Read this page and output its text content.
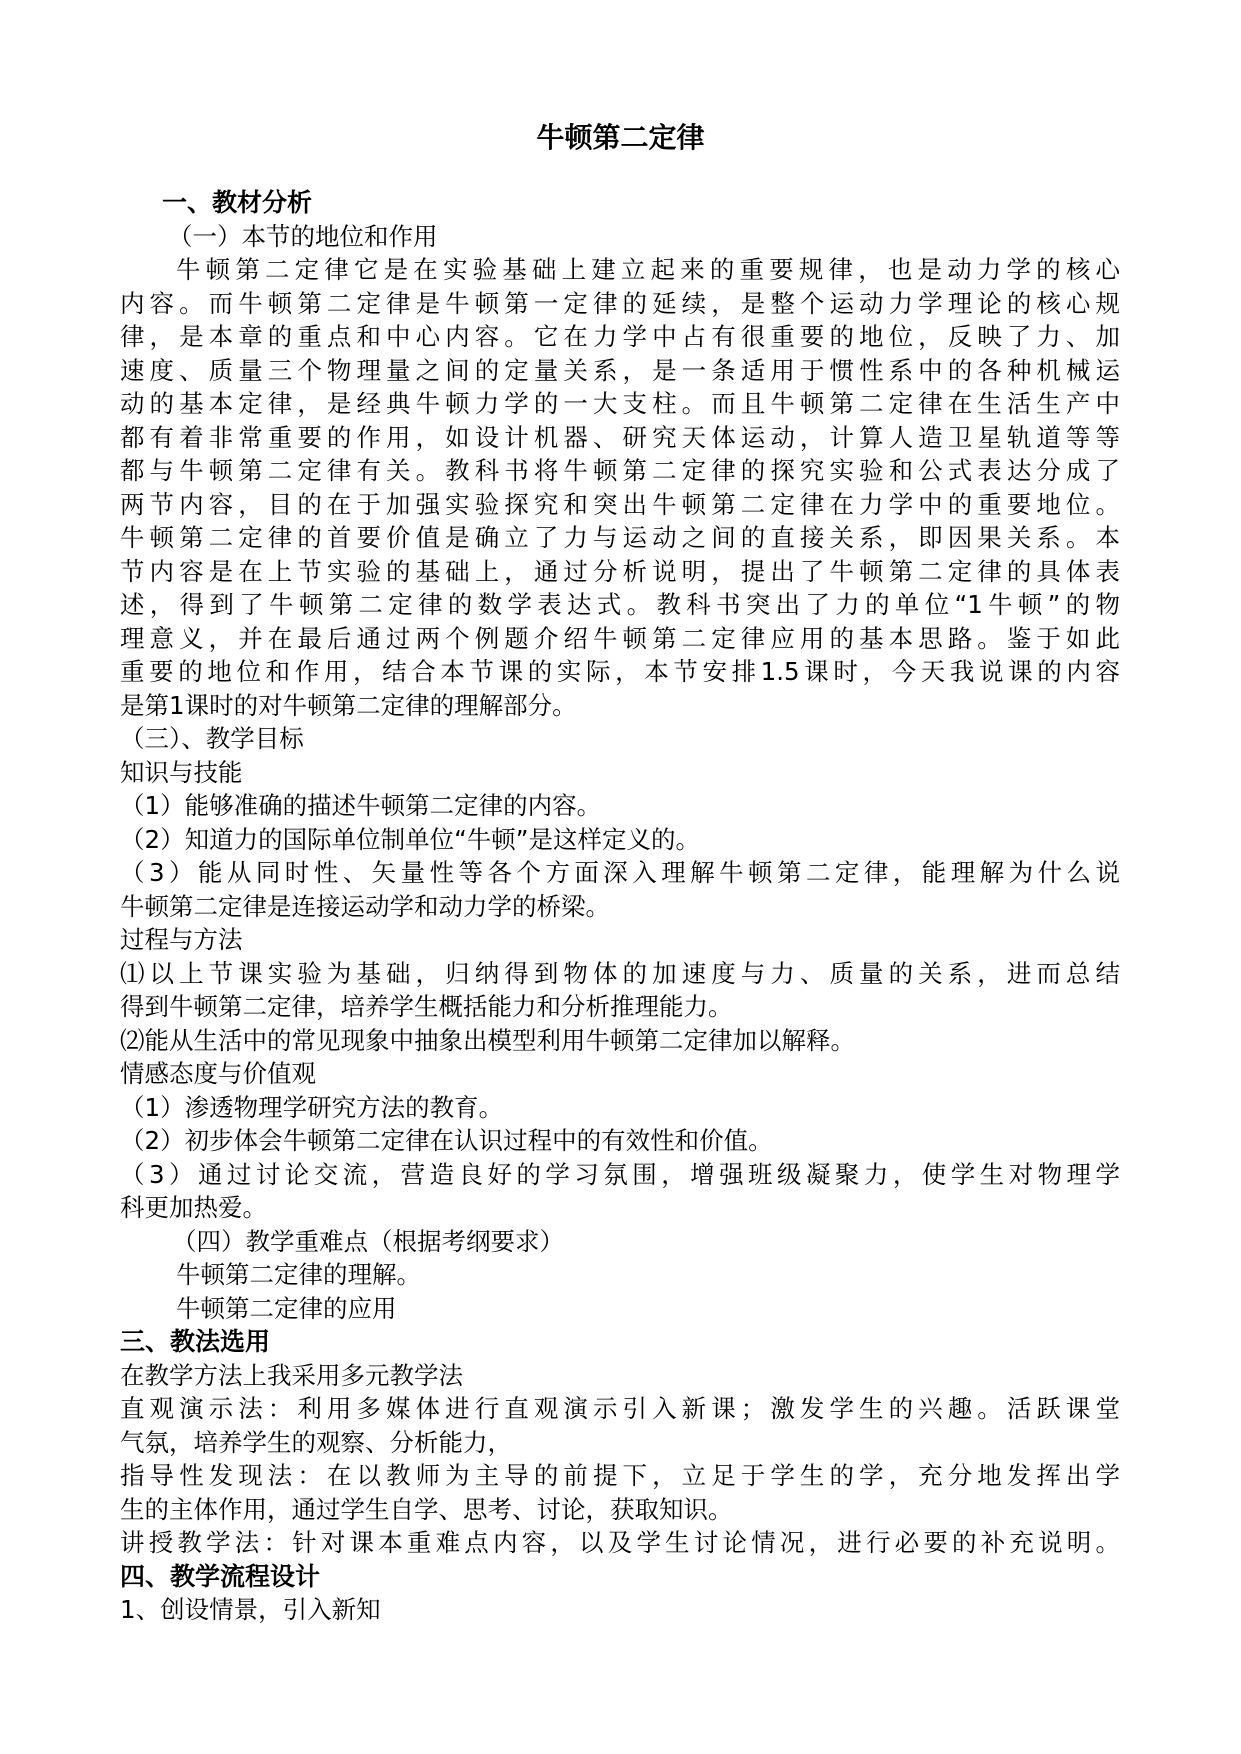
牛顿第二定律
一、教材分析
（一）本节的地位和作用
牛顿第二定律它是在实验基础上建立起来的重要规律，也是动力学的核心
内容。而牛顿第二定律是牛顿第一定律的延续，是整个运动力学理论的核心规
律，是本章的重点和中心内容。它在力学中占有很重要的地位，反映了力、加
速度、质量三个物理量之间的定量关系，是一条适用于惯性系中的各种机械运
动的基本定律，是经典牛顿力学的一大支柱。而且牛顿第二定律在生活生产中
都有着非常重要的作用，如设计机器、研究天体运动，计算人造卫星轨道等等
都与牛顿第二定律有关。教科书将牛顿第二定律的探究实验和公式表达分成了
两节内容，目的在于加强实验探究和突出牛顿第二定律在力学中的重要地位。
牛顿第二定律的首要价值是确立了力与运动之间的直接关系，即因果关系。本
节内容是在上节实验的基础上，通过分析说明，提出了牛顿第二定律的具体表
述，得到了牛顿第二定律的数学表达式。教科书突出了力的单位“1牛顿”的物
理意义，并在最后通过两个例题介绍牛顿第二定律应用的基本思路。鉴于如此
重要的地位和作用，结合本节课的实际，本节安排1.5课时，今天我说课的内容
是第1课时的对牛顿第二定律的理解部分。
（三）、教学目标
知识与技能
（1）能够准确的描述牛顿第二定律的内容。
（2）知道力的国际单位制单位“牛顿”是这样定义的。
（3）能从同时性、矢量性等各个方面深入理解牛顿第二定律，能理解为什么说
牛顿第二定律是连接运动学和动力学的桥梁。
过程与方法
⑴以上节课实验为基础，归纳得到物体的加速度与力、质量的关系，进而总结
得到牛顿第二定律，培养学生概括能力和分析推理能力。
⑵能从生活中的常见现象中抽象出模型利用牛顿第二定律加以解释。
情感态度与价值观
（1）渗透物理学研究方法的教育。
（2）初步体会牛顿第二定律在认识过程中的有效性和价值。
（3）通过讨论交流，营造良好的学习氛围，增强班级凝聚力，使学生对物理学
科更加热爱。
（四）教学重难点（根据考纲要求）
牛顿第二定律的理解。
牛顿第二定律的应用
三、教法选用
在教学方法上我采用多元教学法
直观演示法：利用多媒体进行直观演示引入新课；激发学生的兴趣。活跃课堂
气氛，培养学生的观察、分析能力，
指导性发现法：在以教师为主导的前提下，立足于学生的学，充分地发挥出学
生的主体作用，通过学生自学、思考、讨论，获取知识。
讲授教学法：针对课本重难点内容，以及学生讨论情况，进行必要的补充说明。
四、教学流程设计
1、创设情景，引入新知
